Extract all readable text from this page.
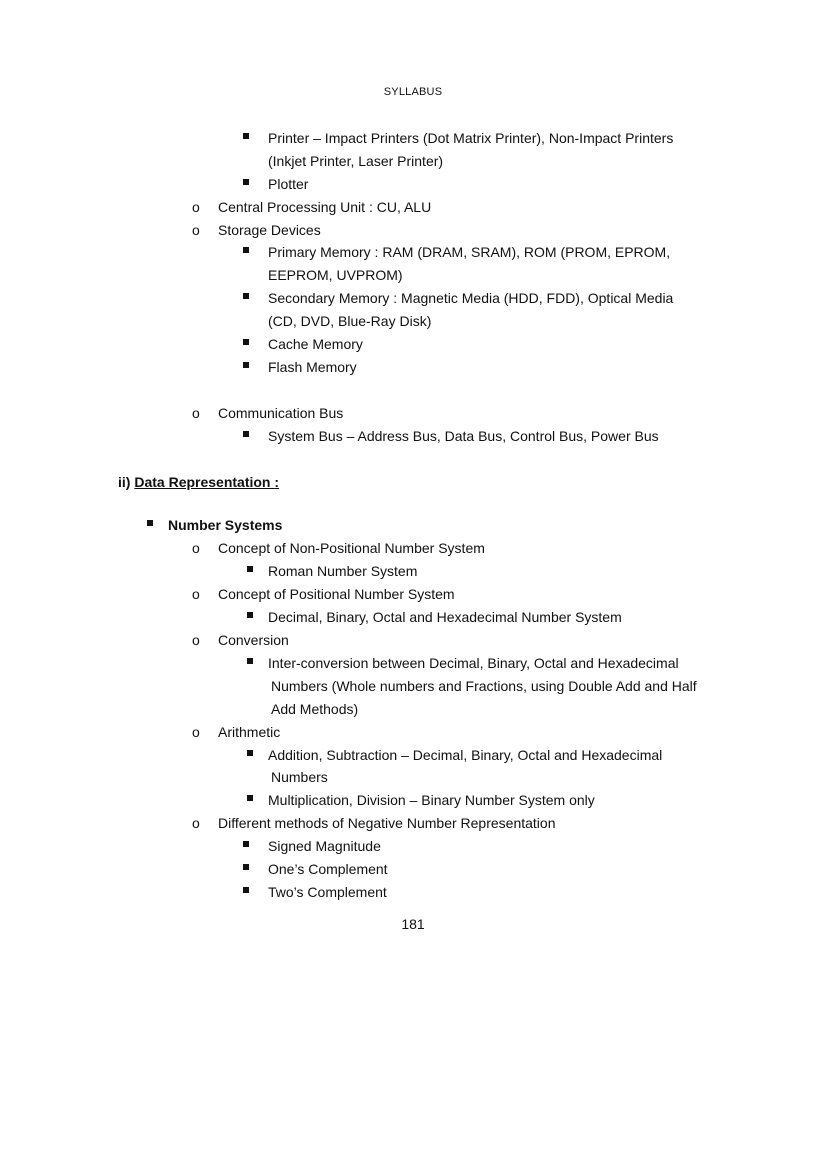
SYLLABUS
Printer – Impact Printers (Dot Matrix Printer), Non-Impact Printers
(Inkjet Printer, Laser Printer)
Plotter
o Central Processing Unit : CU, ALU
o Storage Devices
Primary Memory : RAM (DRAM, SRAM), ROM (PROM, EPROM,
EEPROM, UVPROM)
Secondary Memory : Magnetic Media (HDD, FDD), Optical Media
(CD, DVD, Blue-Ray Disk)
Cache Memory
Flash Memory
o Communication Bus
System Bus – Address Bus, Data Bus, Control Bus, Power Bus
ii) Data Representation :
Number Systems
o Concept of Non-Positional Number System
Roman Number System
o Concept of Positional Number System
Decimal, Binary, Octal and Hexadecimal Number System
o Conversion
Inter-conversion between Decimal, Binary, Octal and Hexadecimal
Numbers (Whole numbers and Fractions, using Double Add and Half
Add Methods)
o Arithmetic
Addition, Subtraction – Decimal, Binary, Octal and Hexadecimal
Numbers
Multiplication, Division – Binary Number System only
o Different methods of Negative Number Representation
Signed Magnitude
One’s Complement
Two’s Complement
181
